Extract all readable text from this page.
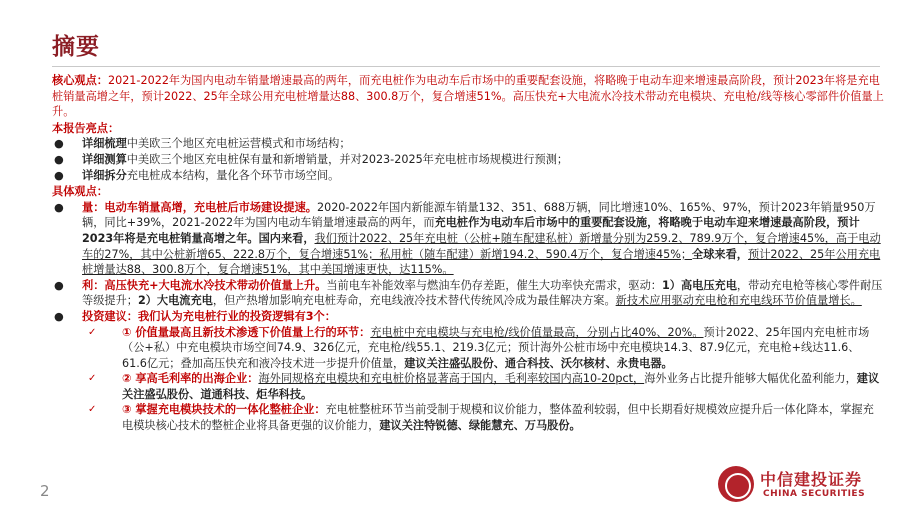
摘要

核心观点：2021-2022年为国内电动车销量增速最高的两年，而充电桩作为电动车后市场中的重要配套设施，将略晚于电动车迎来增速最高阶段，预计2023年将是充电桩销量高增之年，预计2022、25年全球公用充电桩增量达88、300.8万个，复合增速51%。高压快充+大电流水冷技术带动充电模块、充电枪/线等核心零部件价值量上升。

本报告亮点：

● 详细梳理中美欧三个地区充电桩运营模式和市场结构；
● 详细测算中美欧三个地区充电桩保有量和新增销量，并对2023-2025年充电桩市场规模进行预测；
● 详细拆分充电桩成本结构，量化各个环节市场空间。

具体观点：

● 量：电动车销量高增，充电桩后市场建设提速。2020-2022年国内新能源车销量132、351、688万辆，同比增速10%、165%、97%，预计2023年销量950万辆，同比+39%，2021-2022年为国内电动车销量增速最高的两年，而充电桩作为电动车后市场中的重要配套设施，将略晚于电动车迎来增速最高阶段，预计2023年将是充电桩销量高增之年。国内来看，我们预计2022、25年充电桩（公桩+随车配建私桩）新增量分别为259.2、789.9万个，复合增速45%，高于电动车的27%，其中公桩新增65、222.8万个，复合增速51%；私用桩（随车配建）新增194.2、590.4万个，复合增速45%；全球来看，预计2022、25年公用充电桩增量达88、300.8万个，复合增速51%，其中美国增速更快，达115%。
● 利：高压快充+大电流水冷技术带动价值量上升。当前电车补能效率与燃油车仍存差距，催生大功率快充需求，驱动：1）高电压充电，带动充电枪等核心零件耐压等级提升；2）大电流充电，但产热增加影响充电桩寿命，充电线液冷技术替代传统风冷成为最佳解决方案。新技术应用驱动充电枪和充电线环节价值量增长。
● 投资建议：我们认为充电桩行业的投资逻辑有3个：
✓ ① 价值量最高且新技术渗透下价值量上行的环节：充电桩中充电模块与充电枪/线价值量最高，分别占比40%、20%。预计2022、25年国内充电桩市场（公+私）中充电模块市场空间74.9、326亿元，充电枪/线55.1、219.3亿元；预计海外公桩市场中充电模块14.3、87.9亿元，充电枪+线达11.6、61.6亿元；叠加高压快充和液冷技术进一步提升价值量，建议关注盛弘股份、通合科技、沃尔核材、永贵电器。
✓ ② 享高毛利率的出海企业：海外同规格充电模块和充电桩价格显著高于国内，毛利率较国内高10-20pct，海外业务占比提升能够大幅优化盈利能力，建议关注盛弘股份、道通科技、炬华科技。
✓ ③ 掌握充电模块技术的一体化整桩企业：充电桩整桩环节当前受制于规模和议价能力，整体盈利较弱，但中长期看好规模效应提升后一体化降本，掌握充电模块核心技术的整桩企业将具备更强的议价能力，建议关注特锐德、绿能慧充、万马股份。
2
中信建投证券
CHINA SECURITIES
